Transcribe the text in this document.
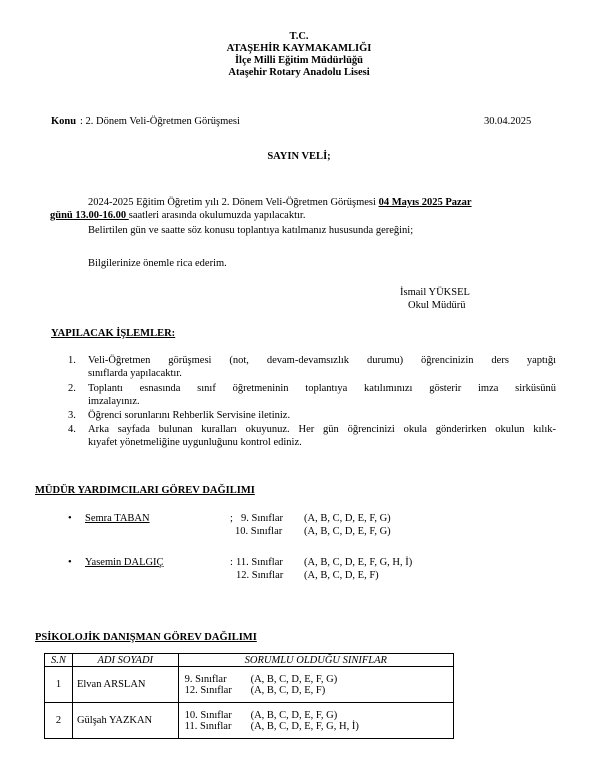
T.C.
ATAŞEHİR KAYMAKAMLIĞI
İlçe Milli Eğitim Müdürlüğü
Ataşehir Rotary Anadolu Lisesi
Konu : 2. Dönem Veli-Öğretmen Görüşmesi	30.04.2025
SAYIN VELİ;
2024-2025 Eğitim Öğretim yılı 2. Dönem Veli-Öğretmen Görüşmesi 04 Mayıs 2025 Pazar
günü 13.00-16.00 saatleri arasında okulumuzda yapılacaktır.
Belirtilen gün ve saatte söz konusu toplantıya katılmanız hususunda gereğini;
Bilgilerinize önemle rica ederim.
İsmail YÜKSEL
Okul Müdürü
YAPILACAK İŞLEMLER:
1. Veli-Öğretmen görüşmesi (not, devam-devamsızlık durumu) öğrencinizin ders yaptığı
sınıflarda yapılacaktır.
2. Toplantı esnasında sınıf öğretmeninin toplantıya katılımınızı gösterir imza sirküsünü
imzalayınız.
3. Öğrenci sorunlarını Rehberlik Servisine iletiniz.
4. Arka sayfada bulunan kuralları okuyunuz. Her gün öğrencinizi okula gönderirken okulun kılık-
kıyafet yönetmeliğine uygunluğunu kontrol ediniz.
MÜDÜR YARDIMCILARI GÖREV DAĞILIMI
• Semra TABAN	; 9. Sınıflar (A, B, C, D, E, F, G)
10. Sınıflar (A, B, C, D, E, F, G)
• Yasemin DALGIÇ	: 11. Sınıflar (A, B, C, D, E, F, G, H, İ)
12. Sınıflar (A, B, C, D, E, F)
PSİKOLOJİK DANIŞMAN GÖREV DAĞILIMI
S.N	ADI SOYADI	SORUMLU OLDUĞU SINIFLAR
1	Elvan ARSLAN	9. Sınıflar (A, B, C, D, E, F, G)
12. Sınıflar (A, B, C, D, E, F)

2	Gülşah YAZKAN	10. Sınıflar (A, B, C, D, E, F, G)
11. Sınıflar (A, B, C, D, E, F, G, H, İ)
